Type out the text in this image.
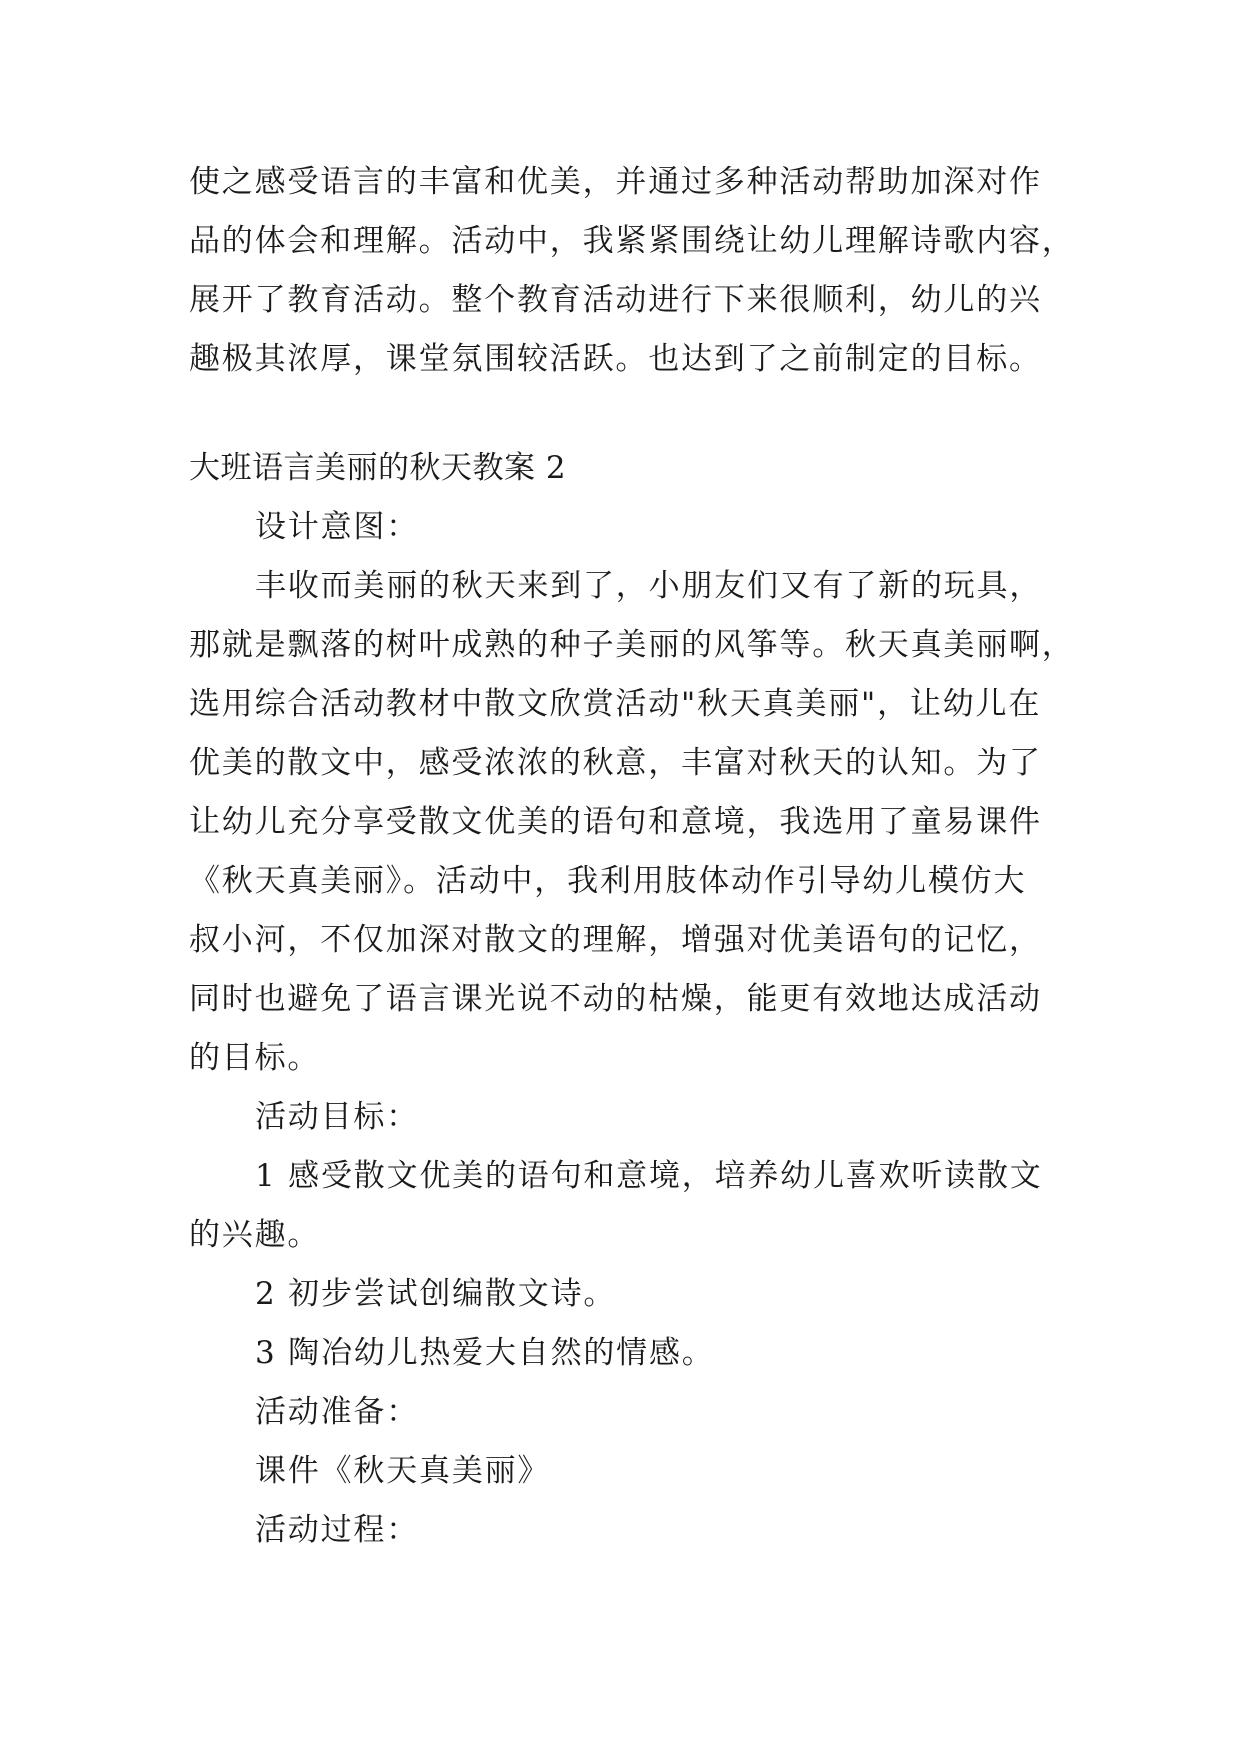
使之感受语言的丰富和优美，并通过多种活动帮助加深对作

品的体会和理解。活动中，我紧紧围绕让幼儿理解诗歌内容，

展开了教育活动。整个教育活动进行下来很顺利，幼儿的兴

趣极其浓厚，课堂氛围较活跃。也达到了之前制定的目标。

大班语言美丽的秋天教案 2

设计意图：

丰收而美丽的秋天来到了，小朋友们又有了新的玩具，

那就是飘落的树叶成熟的种子美丽的风筝等。秋天真美丽啊，

选用综合活动教材中散文欣赏活动"秋天真美丽"，让幼儿在

优美的散文中，感受浓浓的秋意，丰富对秋天的认知。为了

让幼儿充分享受散文优美的语句和意境，我选用了童易课件

《秋天真美丽》。活动中，我利用肢体动作引导幼儿模仿大

叔小河，不仅加深对散文的理解，增强对优美语句的记忆，

同时也避免了语言课光说不动的枯燥，能更有效地达成活动

的目标。

活动目标：

1 感受散文优美的语句和意境，培养幼儿喜欢听读散文

的兴趣。

2 初步尝试创编散文诗。

3 陶冶幼儿热爱大自然的情感。

活动准备：

课件《秋天真美丽》

活动过程：
